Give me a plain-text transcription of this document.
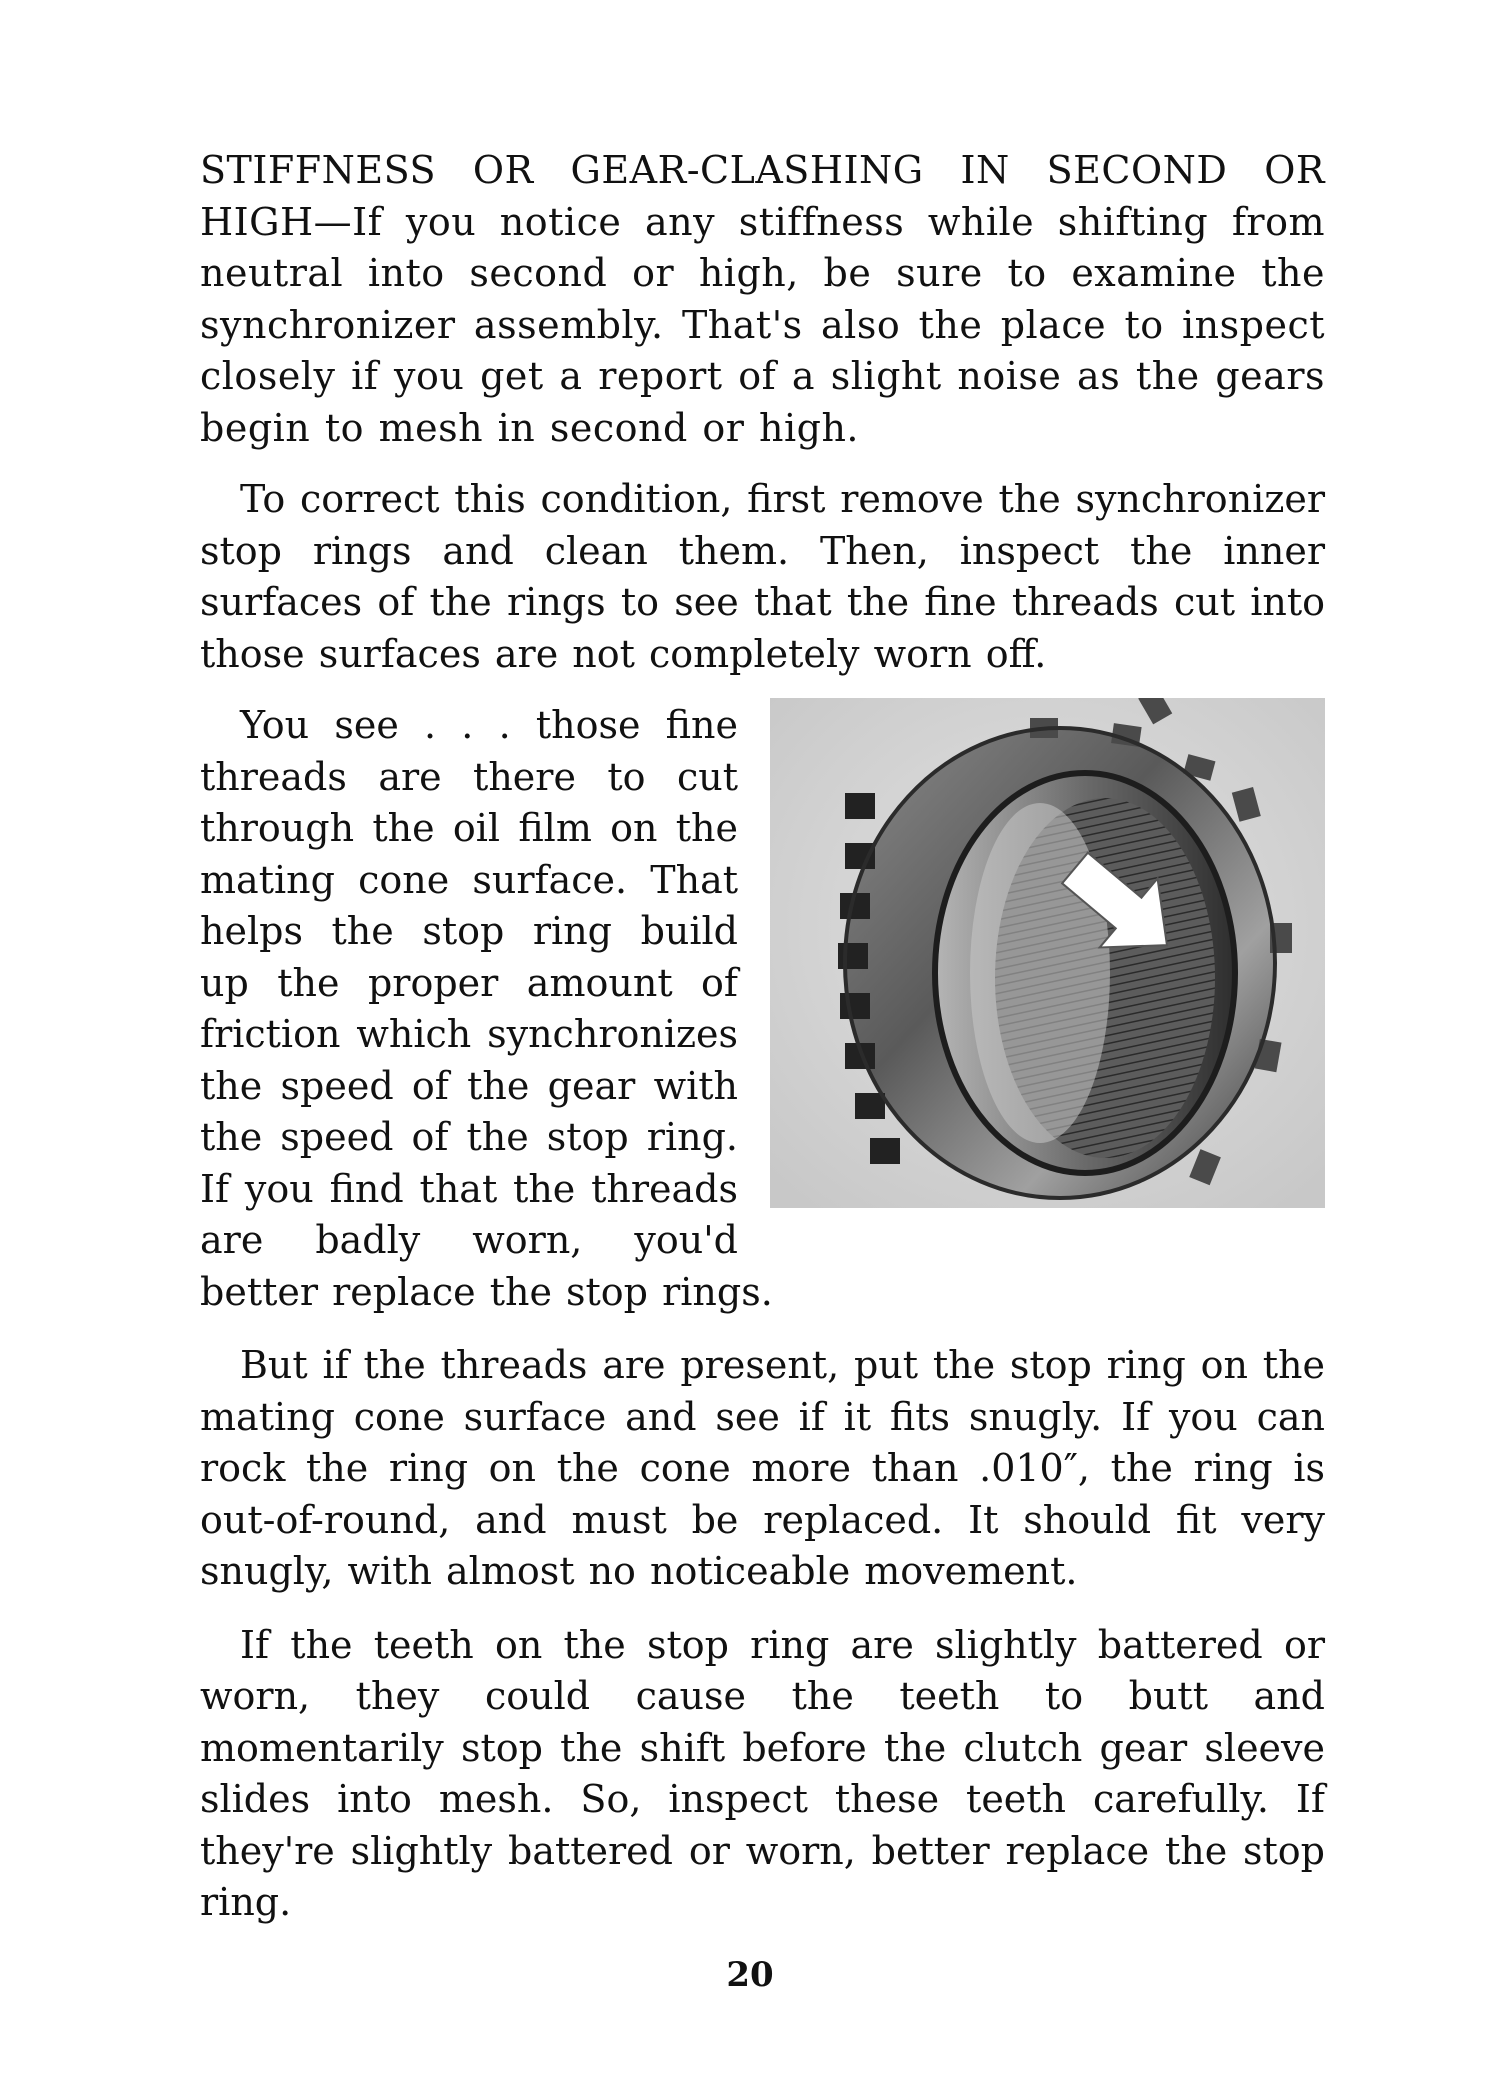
STIFFNESS OR GEAR-CLASHING IN SECOND OR HIGH—If you notice any stiffness while shifting from neutral into second or high, be sure to examine the synchronizer assembly. That's also the place to inspect closely if you get a report of a slight noise as the gears begin to mesh in second or high.

To correct this condition, first remove the synchronizer stop rings and clean them. Then, inspect the inner surfaces of the rings to see that the fine threads cut into those surfaces are not completely worn off.

You see . . . those fine threads are there to cut through the oil film on the mating cone surface. That helps the stop ring build up the proper amount of friction which synchronizes the speed of the gear with the speed of the stop ring. If you find that the threads are badly worn, you'd better replace the stop rings.

But if the threads are present, put the stop ring on the mating cone surface and see if it fits snugly. If you can rock the ring on the cone more than .010″, the ring is out-of-round, and must be replaced. It should fit very snugly, with almost no noticeable movement.

If the teeth on the stop ring are slightly battered or worn, they could cause the teeth to butt and momentarily stop the shift before the clutch gear sleeve slides into mesh. So, inspect these teeth carefully. If they're slightly battered or worn, better replace the stop ring.

20
